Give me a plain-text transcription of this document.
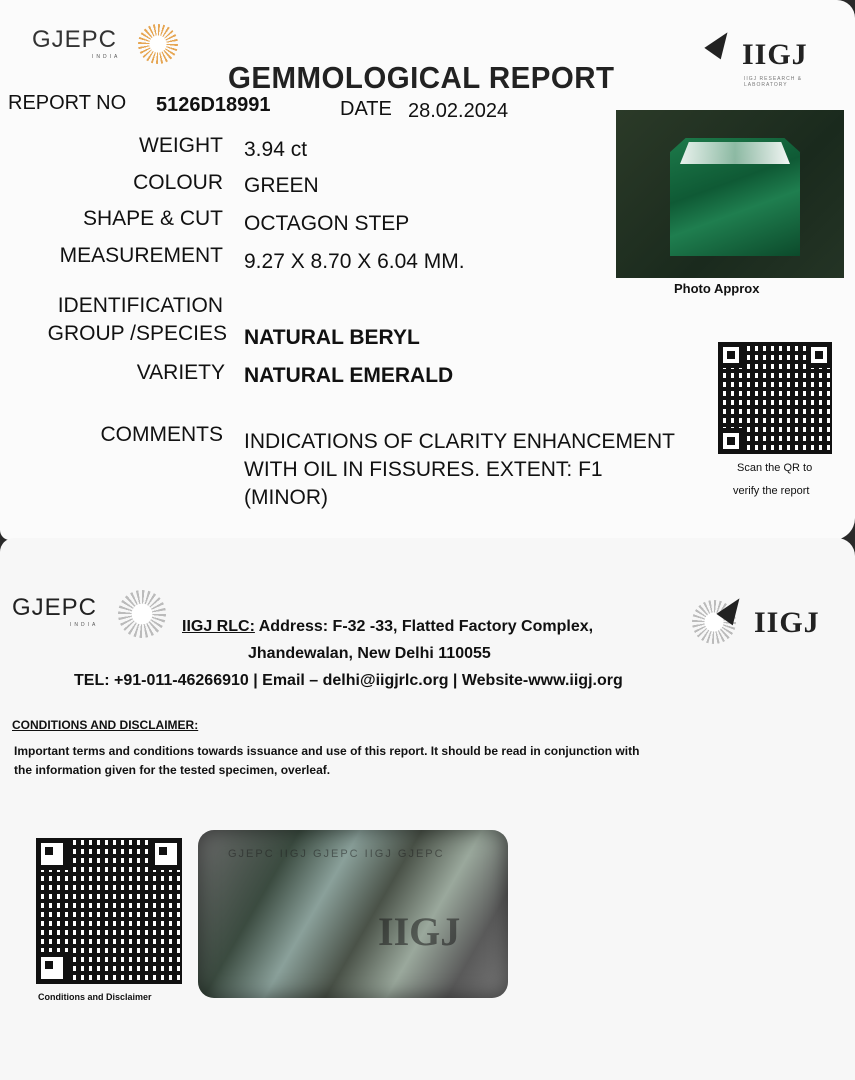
GJEPC
INDIA	IIGJ
IIGJ RESEARCH & LABORATORY
GEMMOLOGICAL REPORT
REPORT NO 5126D18991	DATE 28.02.2024
WEIGHT 3.94 ct
COLOUR GREEN
SHAPE & CUT OCTAGON STEP
MEASUREMENT 9.27 X 8.70 X 6.04 MM.
IDENTIFICATION
GROUP /SPECIES NATURAL BERYL
VARIETY NATURAL EMERALD
COMMENTS INDICATIONS OF CLARITY ENHANCEMENT
WITH OIL IN FISSURES. EXTENT: F1
(MINOR)
Photo Approx
Scan the QR to
verify the report
GJEPC
INDIA	IIGJ
IIGJ RLC: Address: F-32 -33, Flatted Factory Complex,
Jhandewalan, New Delhi 110055
TEL: +91-011-46266910 | Email – delhi@iigjrlc.org | Website-www.iigj.org
CONDITIONS AND DISCLAIMER:
Important terms and conditions towards issuance and use of this report. It should be read in conjunction with
the information given for the tested specimen, overleaf.
Conditions and Disclaimer
GJEPC IIGJ GJEPC IIGJ GJEPC
IIGJ
